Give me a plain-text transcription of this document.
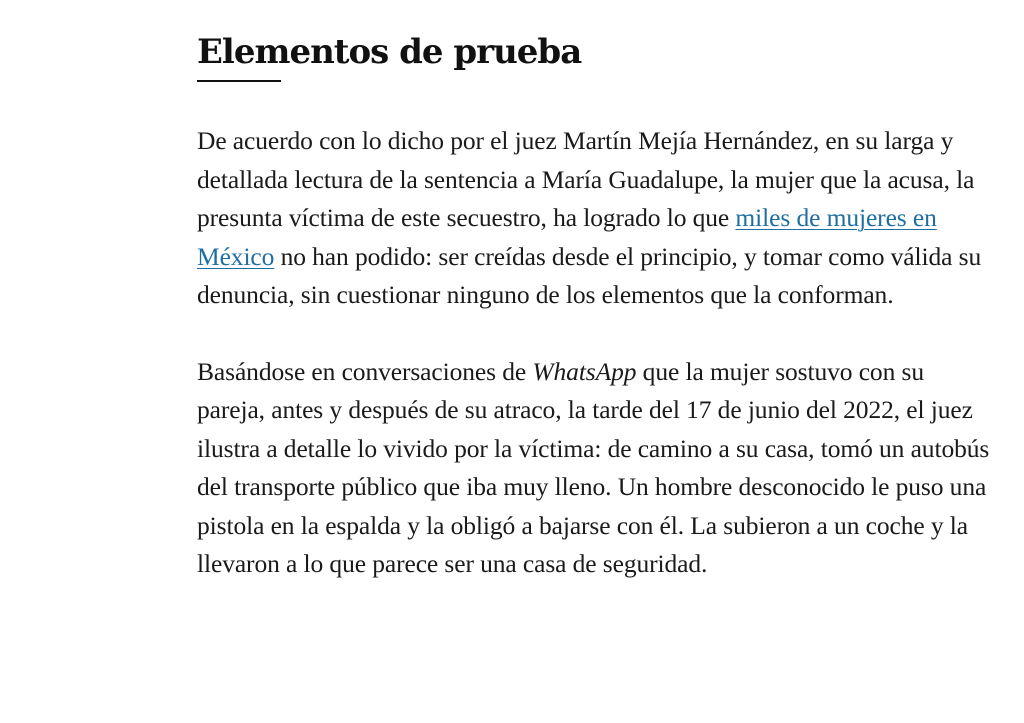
Elementos de prueba

De acuerdo con lo dicho por el juez Martín Mejía Hernández, en su larga y detallada lectura de la sentencia a María Guadalupe, la mujer que la acusa, la presunta víctima de este secuestro, ha logrado lo que miles de mujeres en México no han podido: ser creídas desde el principio, y tomar como válida su denuncia, sin cuestionar ninguno de los elementos que la conforman.

Basándose en conversaciones de WhatsApp que la mujer sostuvo con su pareja, antes y después de su atraco, la tarde del 17 de junio del 2022, el juez ilustra a detalle lo vivido por la víctima: de camino a su casa, tomó un autobús del transporte público que iba muy lleno. Un hombre desconocido le puso una pistola en la espalda y la obligó a bajarse con él. La subieron a un coche y la llevaron a lo que parece ser una casa de seguridad.
